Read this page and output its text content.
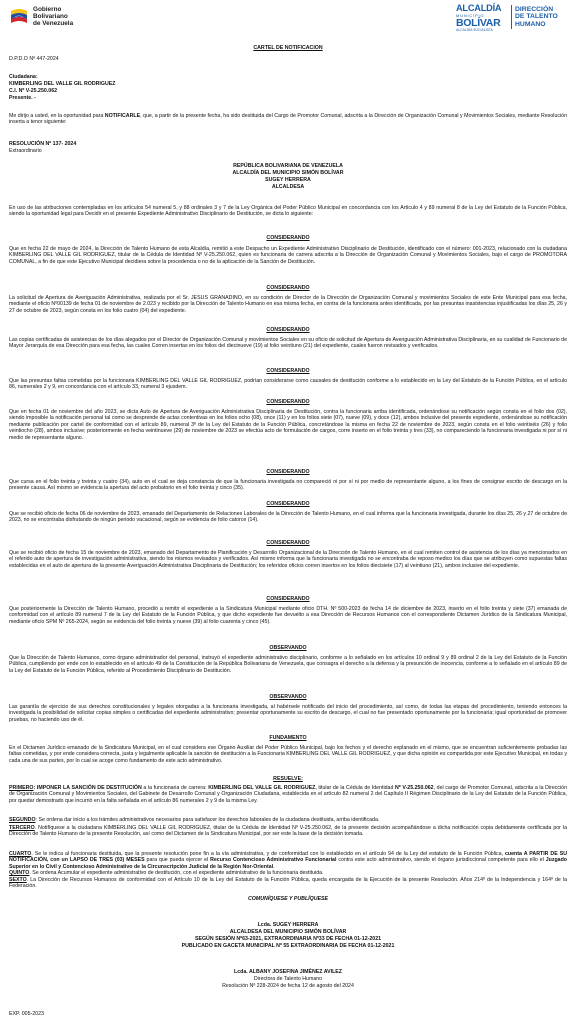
Gobierno
Bolivariano
de Venezuela
ALCALDÍA
MUNICIPIO
BOLÍVAR
ALCALDÍA SOCIALISTA
DIRECCIÓN
DE TALENTO
HUMANO
CARTEL DE NOTIFICACION
D.P.D.O Nº 447-2024
Ciudadana:
KIMBERLING DEL VALLE GIL RODRIGUEZ
C.I. Nº V-25.250.062
Presente. -
Me dirijo a usted, en la oportunidad para NOTIFICARLE, que, a partir de la presente fecha, ha sido destituida del Cargo de Promotor Comunal, adscrita a la Dirección de Organización Comunal y Movimientos Sociales, mediante Resolución inserta a tenor siguiente:
RESOLUCIÓN Nº 137- 2024
Extraordinario
REPÚBLICA BOLIVARIANA DE VENEZUELA
ALCALDÍA DEL MUNICIPIO SIMÓN BOLÍVAR
SUGEY HERRERA
ALCALDESA
En uso de las atribuciones contempladas en los artículos 54 numeral 5, y 88 ordinales 3 y 7 de la Ley Orgánica del Poder Público Municipal en concordancia con los Artículo 4 y 89 numeral 8 de la Ley del Estatuto de la Función Pública, siendo la oportunidad legal para Decidir en el presente Expediente Administrativo Disciplinario de Destitución, se dicta lo siguiente:
CONSIDERANDO
Que en fecha 22 de mayo de 2024, la Dirección de Talento Humano de esta Alcaldía, remitió a este Despacho un Expediente Administrativo Disciplinario de Destitución, identificado con el número: 001-2023, relacionado con la ciudadana KIMBERLING DEL VALLE GIL RODRIGUEZ, titular de la Cédula de Identidad Nº V-25.250.062, quien es funcionaria de carrera adscrita a la Dirección de Organización Comunal y Movimientos Sociales, bajo el cargo de PROMOTORA COMUNAL, a fin de que este Ejecutivo Municipal decidiera sobre la procedencia o no de la aplicación de la Sanción de Destitución.
CONSIDERANDO
La solicitud de Apertura de Averiguación Administrativa, realizada por el Sr. JESUS GRANADINO, en su condición de Director de la Dirección de Organización Comunal y movimientos Sociales de este Ente Municipal para esa fecha, mediante el oficio Nº00139 de fecha 01 de noviembre de 2.023 y recibido por la Dirección de Talento Humano en esa misma fecha, en contra de la funcionaria antes identificada, por las presuntas inasistencias injustificadas los días 25, 26 y 27 de octubre de 2023, según consta en los folio cuatro (04) del expediente.
CONSIDERANDO
Las copias certificadas de asistencias de los días alegados por el Director de Organización Comunal y movimientos Sociales en su oficio de solicitud de Apertura de Averiguación Administrativa Disciplinaria, en su cualidad de Funcionario de Mayor Jerarquía de esa Dirección para esa fecha, las cuales Corren insertas en los folios del diecinueve (19) al folio veintiuno (21) del expediente, cuales fueron revisados y verificados.
CONSIDERANDO
Que las presuntas faltas cometidas por la funcionaria KIMBERLING DEL VALLE GIL RODRIGUEZ, podrían considerarse como causales de destitución conforme a lo establecido en la Ley del Estatuto de la Función Pública, en el artículo 86, numerales 2 y 9, en concordancia con el artículo 33, numeral 3 ejusdem.
CONSIDERANDO
Que en fecha 01 de noviembre del año 2023, se dicta Auto de Apertura de Averiguación Administrativa Disciplinaria de Destitución, contra la funcionaria arriba identificada, ordenándose su notificación según consta en el folio dos (02), siendo imposible la notificación personal tal como se desprende de actas contentivas en los folios ocho (08), once (11) y en los folios siete (07), nueve (09), y doce (12), ambos inclusive del presente expediente, ordenándose su notificación mediante publicación por cartel de conformidad con el artículo 89, numeral 3º de la Ley del Estatuto de la Función Pública, concretándose la misma en fecha 22 de noviembre de 2023, según consta en el folio veintiséis (26) y folio veintiocho (28), ambos inclusive; posteriormente en fecha veintinueve (29) de noviembre de 2023 se efectúa acto de formulación de cargos, corre inserto en el folio treinta y tres (33), no compareciendo la funcionaria investigada ni por sí ni medio de representante alguno.
CONSIDERANDO
Que cursa en el folio treinta y treinta y cuatro (34), auto en el cual se deja constancia de que la funcionaria investigada no compareció ni por sí ni por medio de representante alguno, a los fines de consignar escrito de descargo en la presente causa. Así mismo se evidencia la apertura del acto probatorio en el folio treinta y cinco (35).
CONSIDERANDO
Que se recibió oficio de fecha 06 de noviembre de 2023, emanado del Departamento de Relaciones Laborales de la Dirección de Talento Humano, en el cual informa que la funcionaria investigada, durante los días 25, 26 y 27 de octubre de 2023, no se encontraba disfrutando de ningún periodo vacacional, según se evidencia de folio catorce (14).
CONSIDERANDO
Que se recibió oficio de fecha 15 de noviembre de 2023, emanado del Departamento de Planificación y Desarrollo Organizacional de la Dirección de Talento Humano, en el cual remiten control de asistencia de los días ya mencionados en el referido auto de apertura de investigación administrativa, siendo los mismos revisados y verificados. Así mismo informa que la funcionaria investigada no se encontraba de reposo medico los días que se atribuyen como supuestas faltas establecidas en el auto de apertura de la presente Averiguación Administrativa Disciplinaria de Destitución; los referidos oficios corren insertos en los folios diecisiete (17) al veintiuno (21), ambos inclusive del expediente.
CONSIDERANDO
Que posteriormente la Dirección de Talento Humano, procedió a remitir el expediente a la Sindicatura Municipal mediante oficio DTH. Nº 500-2023 de fecha 14 de diciembre de 2023, inserto en el folio treinta y siete (37) emanada de conformidad con el artículo 89 numeral 7 de la Ley del Estatuto de la Función Pública, y que dicho expediente fue devuelto a esa Dirección de Recursos Humanos con el correspondiente Dictamen Jurídico de la Sindicatura Municipal, mediante oficio SPM Nº 265-2024, según se evidencia del folio treinta y nueve (39) al folio cuarenta y cinco (45).
OBSERVANDO
Que la Dirección de Talento Humanos, como órgano administrador del personal, instruyó el expediente administrativo disciplinario, conforme a lo señalado en los artículos 10 ordinal 9 y 89 ordinal 2 de la Ley del Estatuto de la Función Pública, cumpliendo por ende con lo establecido en el artículo 49 de la Constitución de la República Bolivariana de Venezuela, que consagra el derecho a la defensa y la presunción de inocencia, conforme a lo señalado en el artículo 89 de la Ley del Estatuto de la Función Pública, referido al Procedimiento Disciplinario de Destitución.
OBSERVANDO
Las garantía de ejercicio de sus derechos constitucionales y legales otorgadas a la funcionaria investigada, al habérsele notificado del inicio del procedimiento, así como, de todas las etapas del procedimiento, teniendo entonces la investigada la posibilidad de solicitar copias simples o certificadas del expediente administrativo; presentar oportunamente su escrito de descargo, el cual no fue presentado oportunamente por la funcionaria; igual oportunidad de promover pruebas, no haciendo uso de él.
FUNDAMENTO
En el Dictamen Jurídico emanado de la Sindicatura Municipal, en el cual considera ese Órgano Auxiliar del Poder Público Municipal, bajo los fechos y el derecho explanado en el mismo, que se encuentran suficientemente probadas las faltas cometidas, y por ende considera correcta, justa y legalmente aplicable la sanción de destitución a la Funcionaria KIMBERLING DEL VALLE GIL RODRIGUEZ, y que dicha opinión es compartida por este Ejecutivo Municipal, en todas y cada una de sus partes, por lo cual se acoge como fundamento de este acto administrativo.
RESUELVE:
PRIMERO: IMPONER LA SANCIÓN DE DESTITUCIÓN a la funcionaria de carrera: KIMBERLING DEL VALLE GIL RODRIGUEZ, titular de la Cédula de Identidad Nº V-25.250.062, del cargo de Promotor Comunal, adscrita a la Dirección de Organización Comunal y Movimientos Sociales, del Gabinete de Desarrollo Comunal y Organización Ciudadana, establecida en el artículo 82 numeral 2 del Capítulo II Régimen Disciplinario de la Ley del Estatuto de la Función Pública, por quedar demostrado que incurrió en la falta señalada en el artículo 86 numerales 2 y 9 de la misma Ley.
SEGUNDO: Se ordena dar inicio a los trámites administrativos necesarios para satisfacer los derechos laborales de la ciudadana destituida, arriba identificada.
TERCERO. Notifíquese a la ciudadana KIMBERLING DEL VALLE GIL RODRIGUEZ, titular de la Cédula de Identidad Nº V-25.250.062, de la presente decisión acompañándose a dicha notificación copia debidamente certificada por la Dirección de Talento Humano de la presente Resolución, así como del Dictamen de la Sindicatura Municipal, por ser este la base de la decisión tomada.
CUARTO. Se le indica al funcionaria destituida, que la presente resolución pone fin a la vía administrativa, y de conformidad con lo establecido en el artículo 94 de la Ley del estatuto de la Función Pública, cuenta A PARTIR DE SU NOTIFICACIÓN, con un LAPSO DE TRES (03) MESES para que pueda ejercer el Recurso Contencioso Administrativo Funcionarial contra este acto administrativo, siendo el órgano jurisdiccional competente para ello el Juzgado Superior en lo Civil y Contencioso Administrativo de la Circunscripción Judicial de la Región Nor-Oriental.
QUINTO. Se ordena Acumular el expediente administrativo de destitución, con el expediente administrativo de la funcionaria destituida.
SEXTO. La Dirección de Recursos Humanos de conformidad con el Artículo 10 de la Ley del Estatuto de la Función Pública, queda encargada de la Ejecución de la presente Resolución. Años 214º de la Independencia y 164º de la Federación.
COMUNÍQUESE Y PUBLÍQUESE
Lcda. SUGEY HERRERA
ALCALDESA DEL MUNICIPIO SIMÓN BOLÍVAR
SEGÚN SESIÓN Nº63-2021, EXTRAORDINARIA Nº33 DE FECHA 01-12-2021
PUBLICADO EN GACETA MUNICIPAL Nº 55 EXTRAORDINARIA DE FECHA 01-12-2021
Lcda. ALBANY JOSEFINA JIMÉNEZ AVILEZ
Directora de Talento Humano
Resolución Nº 228-2024 de fecha 12 de agosto del 2024
EXP. 005-2023
